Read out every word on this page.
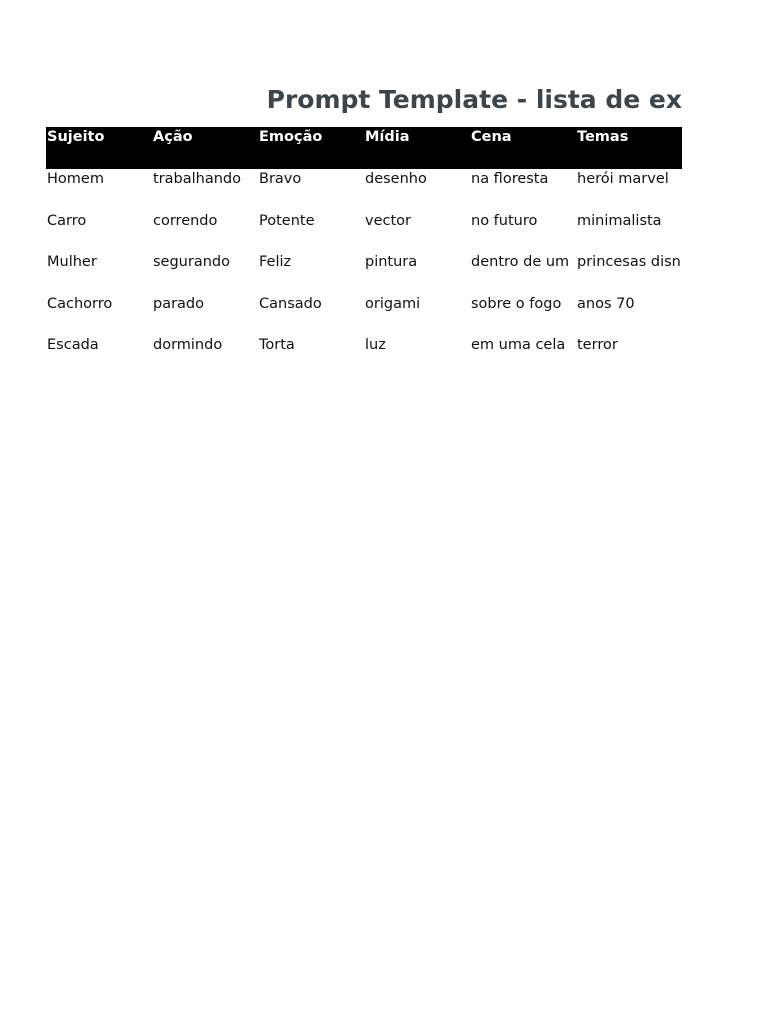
Prompt Template - lista de ex
Sujeito	Ação	Emoção	Mídia	Cena	Temas
Homem	trabalhando	Bravo	desenho	na floresta	herói marvel
Carro	correndo	Potente	vector	no futuro	minimalista
Mulher	segurando	Feliz	pintura	dentro de um	princesas disn
Cachorro	parado	Cansado	origami	sobre o fogo	anos 70
Escada	dormindo	Torta	luz	em uma cela	terror
